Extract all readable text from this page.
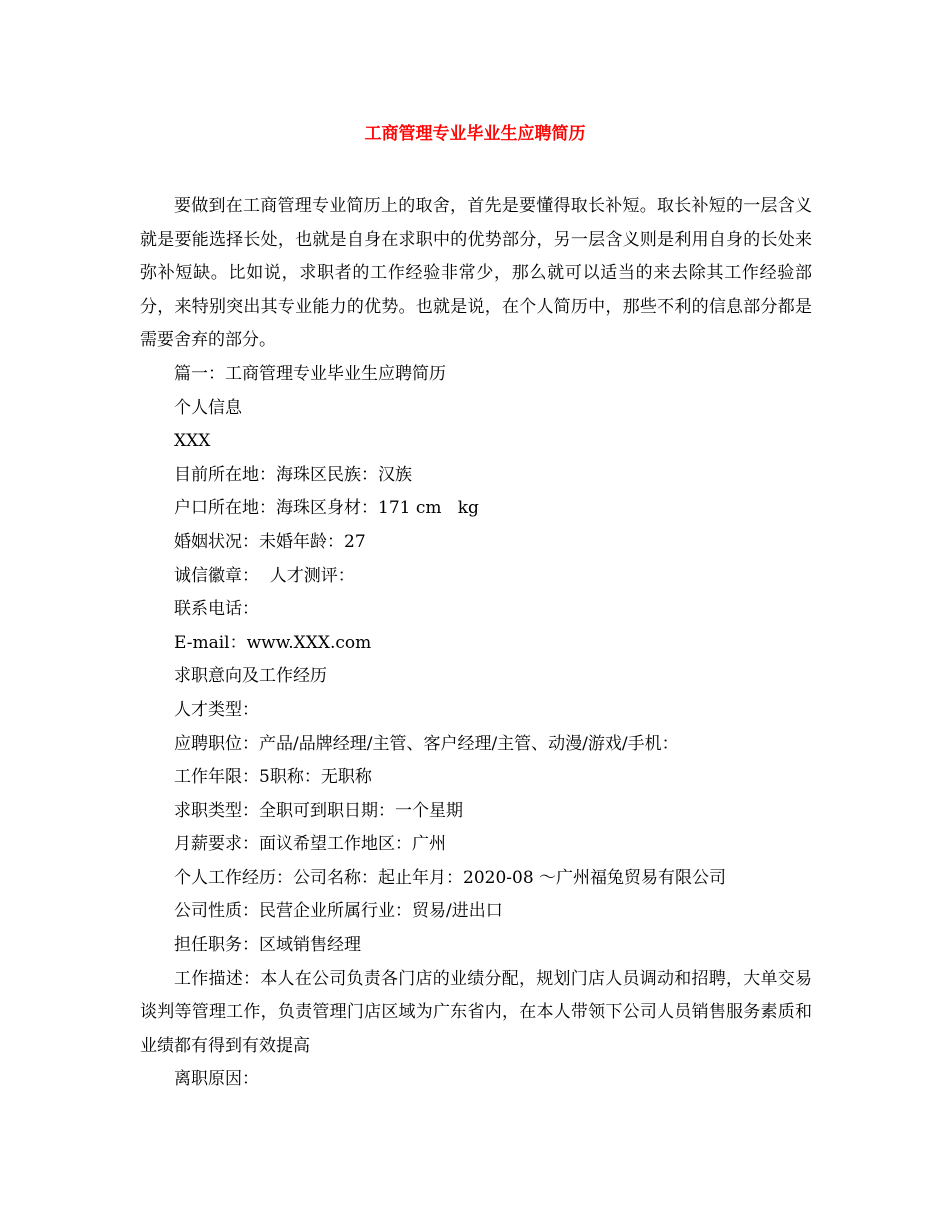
工商管理专业毕业生应聘简历

要做到在工商管理专业简历上的取舍，首先是要懂得取长补短。取长补短的一层含义就是要能选择长处，也就是自身在求职中的优势部分，另一层含义则是利用自身的长处来弥补短缺。比如说，求职者的工作经验非常少，那么就可以适当的来去除其工作经验部分，来特别突出其专业能力的优势。也就是说，在个人简历中，那些不利的信息部分都是需要舍弃的部分。

篇一：工商管理专业毕业生应聘简历

个人信息

XXX

目前所在地：海珠区民族：汉族

户口所在地：海珠区身材：171 cm   kg

婚姻状况：未婚年龄：27

诚信徽章：  人才测评：

联系电话：

E-mail：www.XXX.com

求职意向及工作经历

人才类型：

应聘职位：产品/品牌经理/主管、客户经理/主管、动漫/游戏/手机：

工作年限：5职称：无职称

求职类型：全职可到职日期：一个星期

月薪要求：面议希望工作地区：广州

个人工作经历：公司名称：起止年月：2020-08 ～广州福兔贸易有限公司

公司性质：民营企业所属行业：贸易/进出口

担任职务：区域销售经理

工作描述：本人在公司负责各门店的业绩分配，规划门店人员调动和招聘，大单交易谈判等管理工作，负责管理门店区域为广东省内，在本人带领下公司人员销售服务素质和业绩都有得到有效提高

离职原因：
